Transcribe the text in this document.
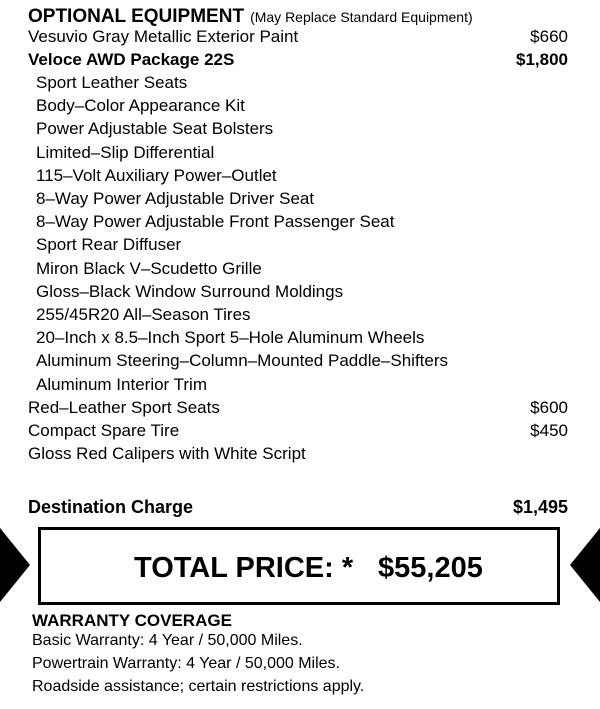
OPTIONAL EQUIPMENT (May Replace Standard Equipment)
Vesuvio Gray Metallic Exterior Paint	$660
Veloce AWD Package 22S	$1,800
Sport Leather Seats
Body–Color Appearance Kit
Power Adjustable Seat Bolsters
Limited–Slip Differential
115–Volt Auxiliary Power–Outlet
8–Way Power Adjustable Driver Seat
8–Way Power Adjustable Front Passenger Seat
Sport Rear Diffuser
Miron Black V–Scudetto Grille
Gloss–Black Window Surround Moldings
255/45R20 All–Season Tires
20–Inch x 8.5–Inch Sport 5–Hole Aluminum Wheels
Aluminum Steering–Column–Mounted Paddle–Shifters
Aluminum Interior Trim
Red–Leather Sport Seats	$600
Compact Spare Tire	$450
Gloss Red Calipers with White Script
Destination Charge	$1,495
TOTAL PRICE: * $55,205
WARRANTY COVERAGE
Basic Warranty: 4 Year / 50,000 Miles.
Powertrain Warranty: 4 Year / 50,000 Miles.
Roadside assistance; certain restrictions apply.
